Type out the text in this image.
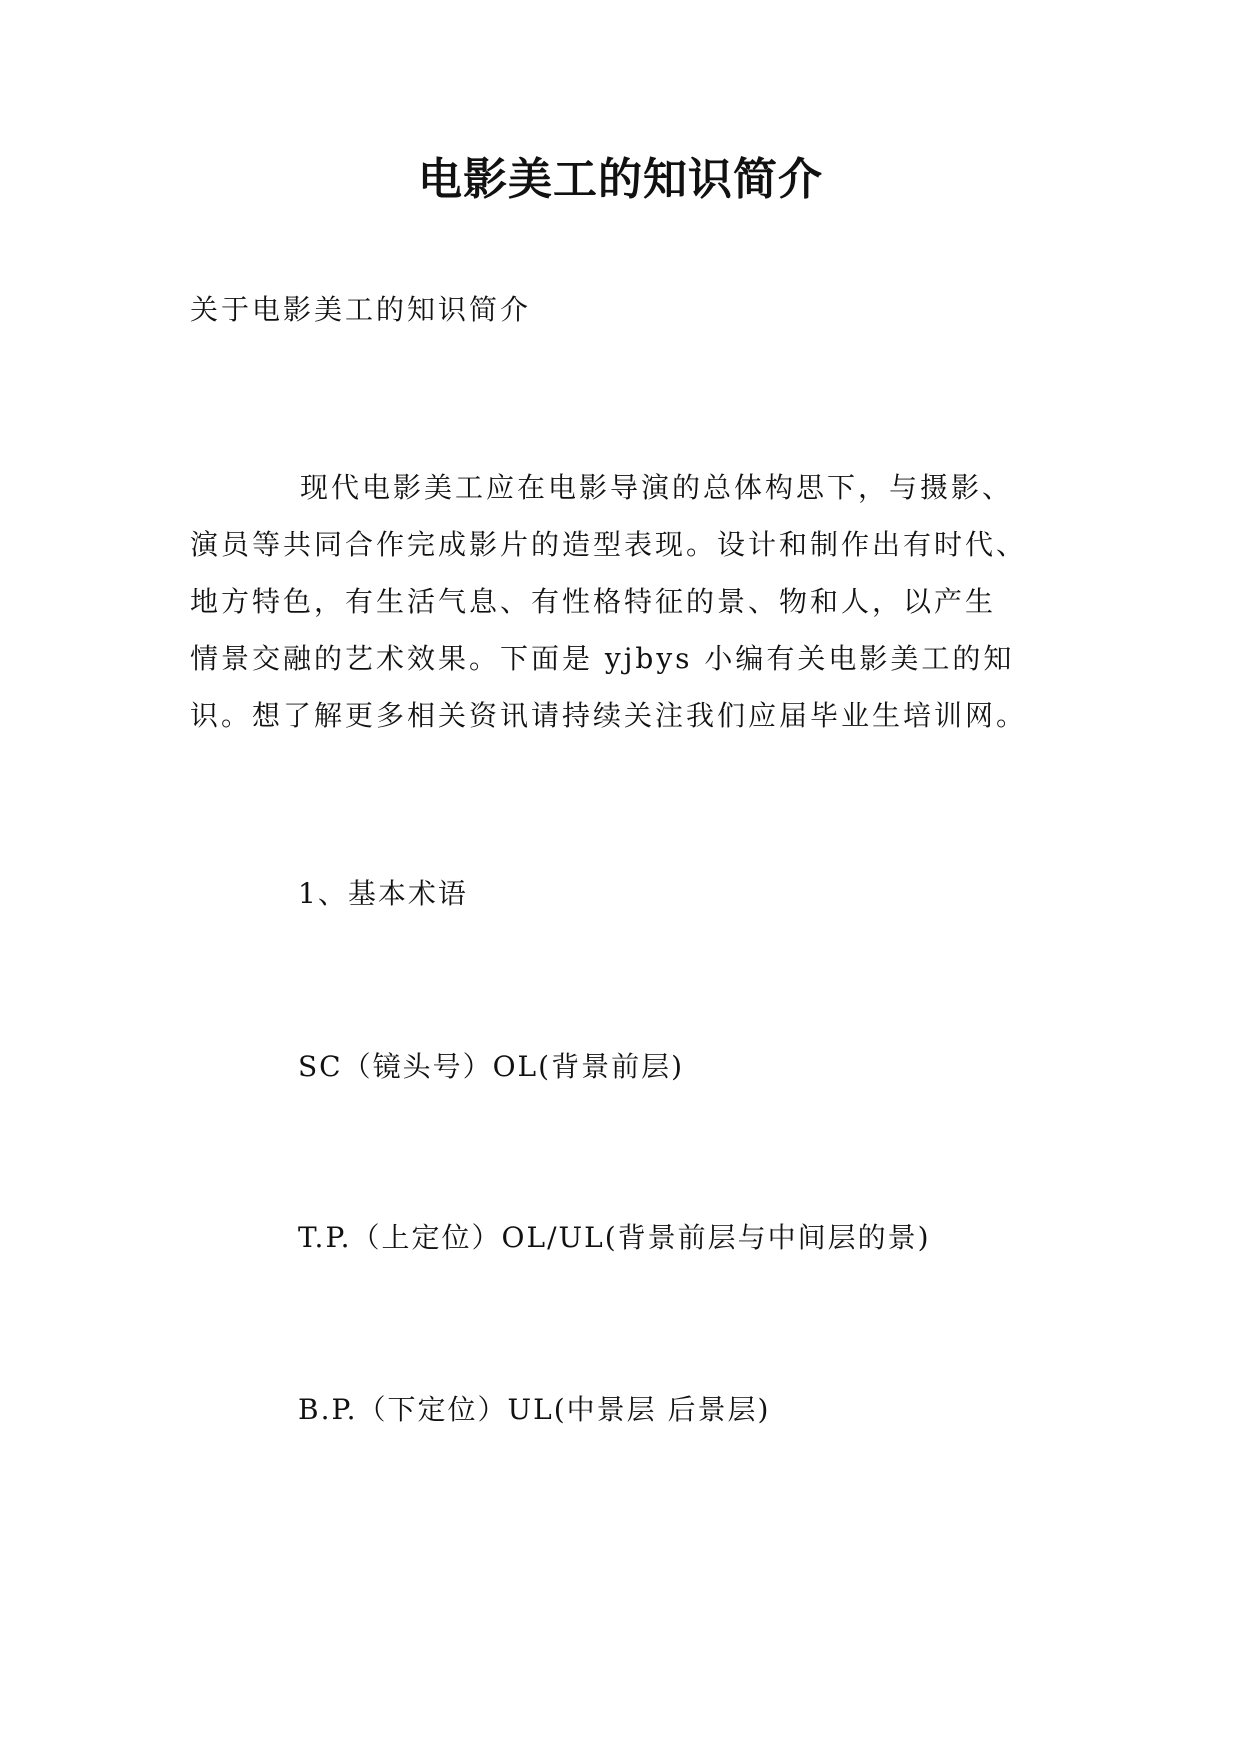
电影美工的知识简介

关于电影美工的知识简介

现代电影美工应在电影导演的总体构思下，与摄影、
演员等共同合作完成影片的造型表现。设计和制作出有时代、
地方特色，有生活气息、有性格特征的景、物和人，以产生
情景交融的艺术效果。下面是 yjbys 小编有关电影美工的知
识。想了解更多相关资讯请持续关注我们应届毕业生培训网。

1、基本术语

SC（镜头号）OL(背景前层)

T.P.（上定位）OL/UL(背景前层与中间层的景)

B.P.（下定位）UL(中景层 后景层)
